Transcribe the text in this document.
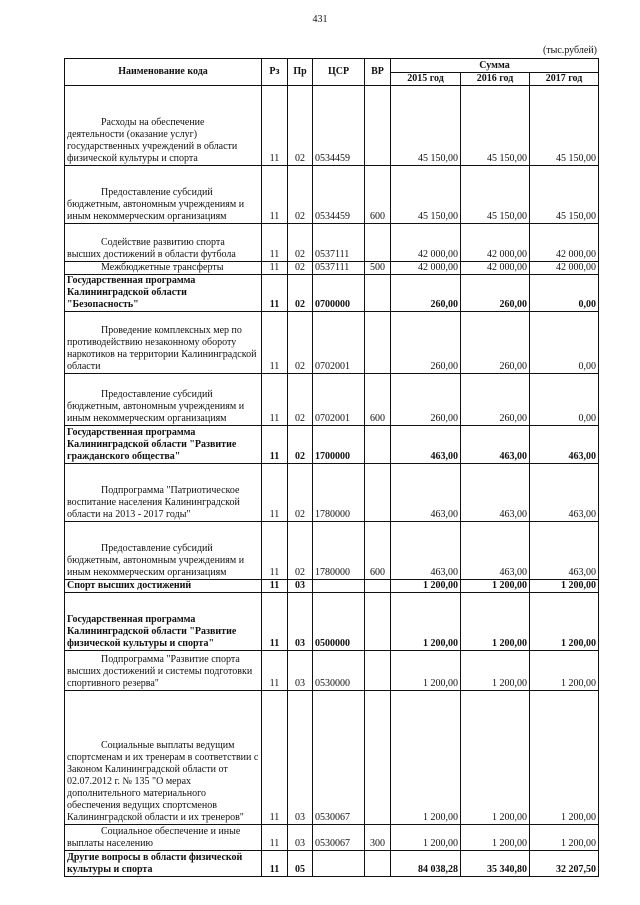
431
(тыс.рублей)
Наименование кода	Рз	Пр	ЦСР	ВР	Сумма		
					2015 год	2016 год	2017 год

Расходы на обеспечение деятельности (оказание услуг) государственных учреждений в области физической культуры и спорта	11	02	0534459		45 150,00	45 150,00	45 150,00

Предоставление субсидий бюджетным, автономным учреждениям и иным некоммерческим организациям	11	02	0534459	600	45 150,00	45 150,00	45 150,00

Содействие развитию спорта высших достижений в области футбола	11	02	0537111		42 000,00	42 000,00	42 000,00

Межбюджетные трансферты	11	02	0537111	500	42 000,00	42 000,00	42 000,00

Государственная программа Калининградской области "Безопасность"	11	02	0700000		260,00	260,00	0,00

Проведение комплексных мер по противодействию незаконному обороту наркотиков на территории Калининградской области	11	02	0702001		260,00	260,00	0,00

Предоставление субсидий бюджетным, автономным учреждениям и иным некоммерческим организациям	11	02	0702001	600	260,00	260,00	0,00

Государственная программа Калининградской области "Развитие гражданского общества"	11	02	1700000		463,00	463,00	463,00

Подпрограмма "Патриотическое воспитание населения Калининградской области на 2013 - 2017 годы"	11	02	1780000		463,00	463,00	463,00

Предоставление субсидий бюджетным, автономным учреждениям и иным некоммерческим организациям	11	02	1780000	600	463,00	463,00	463,00

Спорт высших достижений	11	03			1 200,00	1 200,00	1 200,00

Государственная программа Калининградской области "Развитие физической культуры и спорта"	11	03	0500000		1 200,00	1 200,00	1 200,00

Подпрограмма "Развитие спорта высших достижений и системы подготовки спортивного резерва"	11	03	0530000		1 200,00	1 200,00	1 200,00

Социальные выплаты ведущим спортсменам и их тренерам в соответствии с Законом Калининградской области от 02.07.2012 г. № 135 "О мерах дополнительного материального обеспечения ведущих спортсменов Калининградской области и их тренеров"	11	03	0530067		1 200,00	1 200,00	1 200,00

Социальное обеспечение и иные выплаты населению	11	03	0530067	300	1 200,00	1 200,00	1 200,00

Другие вопросы в области физической культуры и спорта	11	05			84 038,28	35 340,80	32 207,50
